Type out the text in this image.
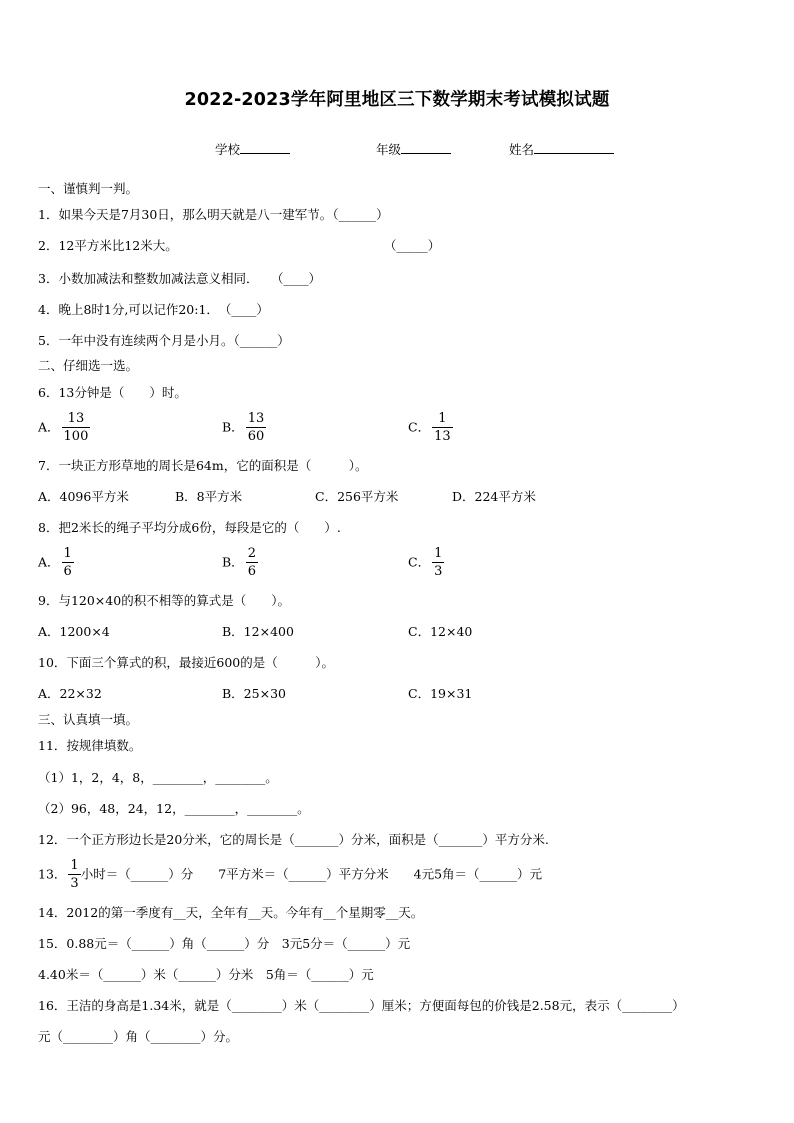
2022-2023学年阿里地区三下数学期末考试模拟试题
学校	年级	姓名
一、谨慎判一判。
1．如果今天是7月30日，那么明天就是八一建军节。（______）
2．12平方米比12米大。	（_____）
3．小数加减法和整数加减法意义相同．　　（____）
4．晚上8时1分,可以记作20:1．　（____）
5．一年中没有连续两个月是小月。（______）
二、仔细选一选。
6．13分钟是（　　）时。
A． $\frac{13}{100}$	B． $\frac{13}{60}$	C． $\frac{1}{13}$
7．一块正方形草地的周长是64m，它的面积是（　　　）。
A．4096平方米	B．8平方米	C．256平方米	D．224平方米
8．把2米长的绳子平均分成6份，每段是它的（　　）.
A． $\frac{1}{6}$	B． $\frac{2}{6}$	C． $\frac{1}{3}$
9．与120×40的积不相等的算式是（　　）。
A．1200×4	B．12×400	C．12×40
10．下面三个算式的积，最接近600的是（　　　）。
A．22×32	B．25×30	C．19×31
三、认真填一填。
11．按规律填数。
（1）1，2，4，8，________，________。
（2）96，48，24，12，________，________。
12．一个正方形边长是20分米，它的周长是（_______）分米，面积是（_______）平方分米.
13． $\frac{1}{3}$ 小时＝（______）分　　7平方米＝（______）平方分米　　4元5角＝（______）元
14．2012的第一季度有__天，全年有__天。今年有__个星期零__天。
15．0.88元＝（______）角（______）分　3元5分＝（______）元
4.40米＝（______）米（______）分米　5角＝（______）元
16．王洁的身高是1.34米，就是（________）米（________）厘米；方便面每包的价钱是2.58元，表示（________）
元（________）角（________）分。
